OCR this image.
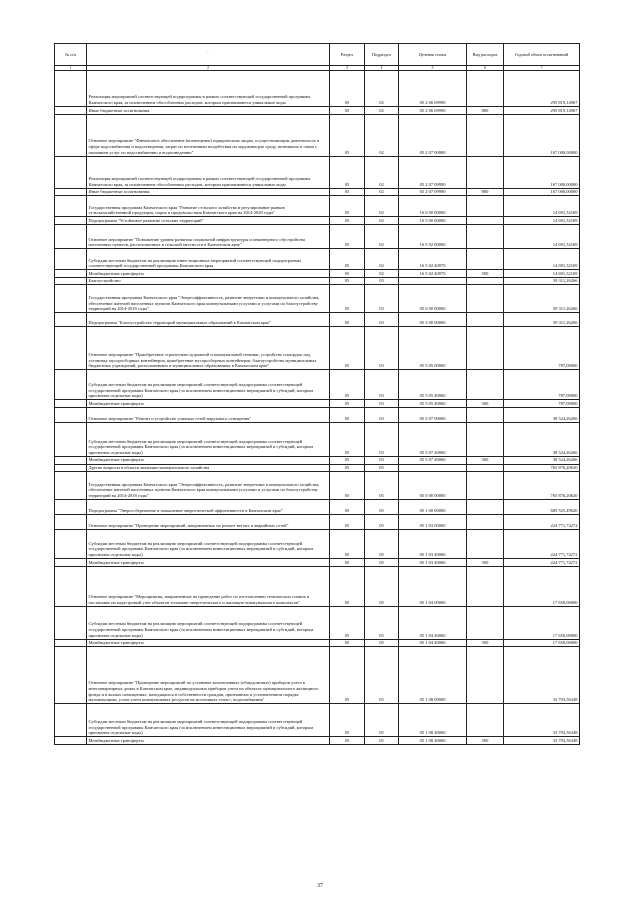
№ п/п	`	Раздел	Подраздел	Целевая статья	Вид расходов	Годовой объем ассигнований
1	2	3	4	5	6	7
	Реализация мероприятий соответствующей подпрограммы в рамках соответствующей государственной программы Камчатского края, за исключением обособленных расходов, которым присваиваются уникальные коды	05	02	05 2 06 09990		295 819,14967
	Иные бюджетные ассигнования	05	02	05 2 06 09990	800	295 819,14967
	Основное мероприятие "Финансовое обеспечение (возмещение) юридическим лицам, осуществляющим деятельность в сфере водоснабжения и водоотведения, затрат по негативным воздействия на окружающую среду, возникших в связи с оказанием услуг по водоснабжению и водоотведению"	05	02	05 2 07 00000		167 000,00000
	Реализация мероприятий соответствующей подпрограммы в рамках соответствующей государственной программы Камчатского края, за исключением обособленных расходов, которым присваиваются уникальные коды	05	02	05 2 07 09990		167 000,00000
	Иные бюджетные ассигнования	05	02	05 2 07 09990	800	167 000,00000
	Государственная программа Камчатского края "Развитие сельского хозяйства и регулирование рынков сельскохозяйственной продукции, сырья и продовольствия Камчатского края на 2014-2020 годы"	05	02	16 0 00 00000		14 691,32169
	Подпрограмма "Устойчивое развитие сельских территорий"	05	02	16 5 00 00000		14 691,32169
	Основное мероприятие "Повышение уровня развития социальной инфраструктуры и инженерного обустройства населенных пунктов, расположенных в сельской местности в Камчатском крае"	05	02	16 5 02 00000		14 691,32169
	Субсидии местным бюджетам на реализацию инвестиционных мероприятий соответствующей подпрограммы соответствующей государственной программы Камчатского края	05	02	16 5 02 40070		14 691,32169
	Межбюджетные трансферты	05	02	16 5 02 40070	500	14 691,32169
	Благоустройство	05	03			39 311,26266
	Государственная программа Камчатского края "Энергоэффективность, развитие энергетики и коммунального хозяйства, обеспечение жителей населенных пунктов Камчатского края коммунальными услугами и услугами по благоустройству территорий на 2014-2018 годы"	05	03	05 0 00 00000		39 311,26266
	Подпрограмма "Благоустройство территорий муниципальных образований в Камчатском крае"	05	03	05 3 00 00000		39 311,26266
	Основное мероприятие "Приобретение строительно-дорожной и коммунальной техники, устройство площадок под установку мусоросборных контейнеров, приобретение мусоросборных контейнеров, благоустройство муниципальных бюджетных учреждений, расположенных в муниципальных образованиях в Камчатском крае"	05	03	05 3 05 00000		787,00000
	Субсидии местным бюджетам на реализацию мероприятий соответствующей подпрограммы соответствующей государственной программы Камчатского края (за исключением инвестиционных мероприятий и субсидий, которым присвоены отдельные коды)	05	03	05 3 05 40060		787,00000
	Межбюджетные трансферты	05	03	05 3 05 40060	500	787,00000
	Основное мероприятие "Ремонт и устройство уличных сетей наружного освещения"	05	03	05 3 07 00000		38 524,26266
	Субсидии местным бюджетам на реализацию мероприятий соответствующей подпрограммы соответствующей государственной программы Камчатского края (за исключением инвестиционных мероприятий и субсидий, которым присвоены отдельные коды)	05	03	05 3 07 40060		38 524,26266
	Межбюджетные трансферты	05	03	05 3 07 40060	500	38 524,26266
	Другие вопросы в области жилищно-коммунального хозяйства	05	05			765 876,20620
	Государственная программа Камчатского края "Энергоэффективность, развитие энергетики и коммунального хозяйства, обеспечение жителей населенных пунктов Камчатского края коммунальными услугами и услугами по благоустройству территорий на 2014-2018 годы"	05	05	05 0 00 00000		765 876,20620
	Подпрограмма "Энергосбережение и повышение энергетической эффективности в Камчатском крае"	05	05	05 1 00 00000		685 525,49620
	Основное мероприятие "Проведение мероприятий, направленных на ремонт ветхих и аварийных сетей"	05	05	05 1 03 00000		224 771,74272
	Субсидии местным бюджетам на реализацию мероприятий соответствующей подпрограммы соответствующей государственной программы Камчатского края (за исключением инвестиционных мероприятий и субсидий, которым присвоены отдельные коды)	05	05	05 1 03 40060		224 771,74272
	Межбюджетные трансферты	05	05	05 1 03 40060	500	224 771,74272
	Основное мероприятие "Мероприятия, направленные на проведение работ по изготовлению технических планов и постановке на кадастровый учет объектов топливно-энергетического и жилищно-коммунального комплексов"	05	05	05 1 04 00000		17 650,00000
	Субсидии местным бюджетам на реализацию мероприятий соответствующей подпрограммы соответствующей государственной программы Камчатского края (за исключением инвестиционных мероприятий и субсидий, которым присвоены отдельные коды)	05	05	05 1 04 40060		17 650,00000
	Межбюджетные трансферты	05	05	05 1 04 40060	500	17 650,00000
	Основное мероприятие "Проведение мероприятий по установке коллективных (общедомовых) приборов учета в многоквартирных домах в Камчатском крае, индивидуальных приборов учета на объектах муниципального жилищного фонда и в жилых помещениях, находящихся в собственности граждан, признанных в установленном порядке малоимущими, узлов учета коммунальных ресурсов на источниках тепло-, водоснабжения"	05	05	05 1 08 00000		33 793,56348
	Субсидии местным бюджетам на реализацию мероприятий соответствующей подпрограммы соответствующей государственной программы Камчатского края (за исключением инвестиционных мероприятий и субсидий, которым присвоены отдельные коды)	05	05	05 1 08 40060		33 793,56348
	Межбюджетные трансферты	05	05	05 1 08 40060	500	33 793,56348
37
